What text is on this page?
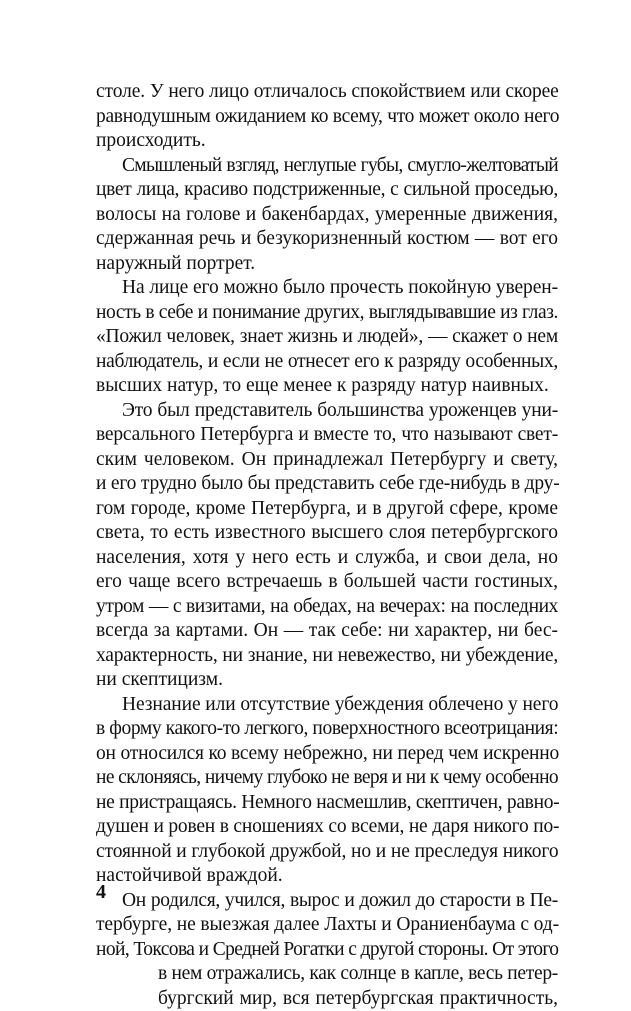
столе. У него лицо отличалось спокойствием или скорее
равнодушным ожиданием ко всему, что может около него
происходить.
Смышленый взгляд, неглупые губы, смугло-желтоватый
цвет лица, красиво подстриженные, с сильной проседью,
волосы на голове и бакенбардах, умеренные движения,
сдержанная речь и безукоризненный костюм — вот его
наружный портрет.
На лице его можно было прочесть покойную уверен-
ность в себе и понимание других, выглядывавшие из глаз.
«Пожил человек, знает жизнь и людей», — скажет о нем
наблюдатель, и если не отнесет его к разряду особенных,
высших натур, то еще менее к разряду натур наивных.
Это был представитель большинства уроженцев уни-
версального Петербурга и вместе то, что называют свет-
ским человеком. Он принадлежал Петербургу и свету,
и его трудно было бы представить себе где-нибудь в дру-
гом городе, кроме Петербурга, и в другой сфере, кроме
света, то есть известного высшего слоя петербургского
населения, хотя у него есть и служба, и свои дела, но
его чаще всего встречаешь в большей части гостиных,
утром — с визитами, на обедах, на вечерах: на последних
всегда за картами. Он — так себе: ни характер, ни бес-
характерность, ни знание, ни невежество, ни убеждение,
ни скептицизм.
Незнание или отсутствие убеждения облечено у него
в форму какого-то легкого, поверхностного всеотрицания:
он относился ко всему небрежно, ни перед чем искренно
не склоняясь, ничему глубоко не веря и ни к чему особенно
не пристращаясь. Немного насмешлив, скептичен, равно-
душен и ровен в сношениях со всеми, не даря никого по-
стоянной и глубокой дружбой, но и не преследуя никого
настойчивой враждой.
Он родился, учился, вырос и дожил до старости в Пе-
тербурге, не выезжая далее Лахты и Ораниенбаума с од-
ной, Токсова и Средней Рогатки с другой стороны. От этого
в нем отражались, как солнце в капле, весь петер-
бургский мир, вся петербургская практичность,
4
